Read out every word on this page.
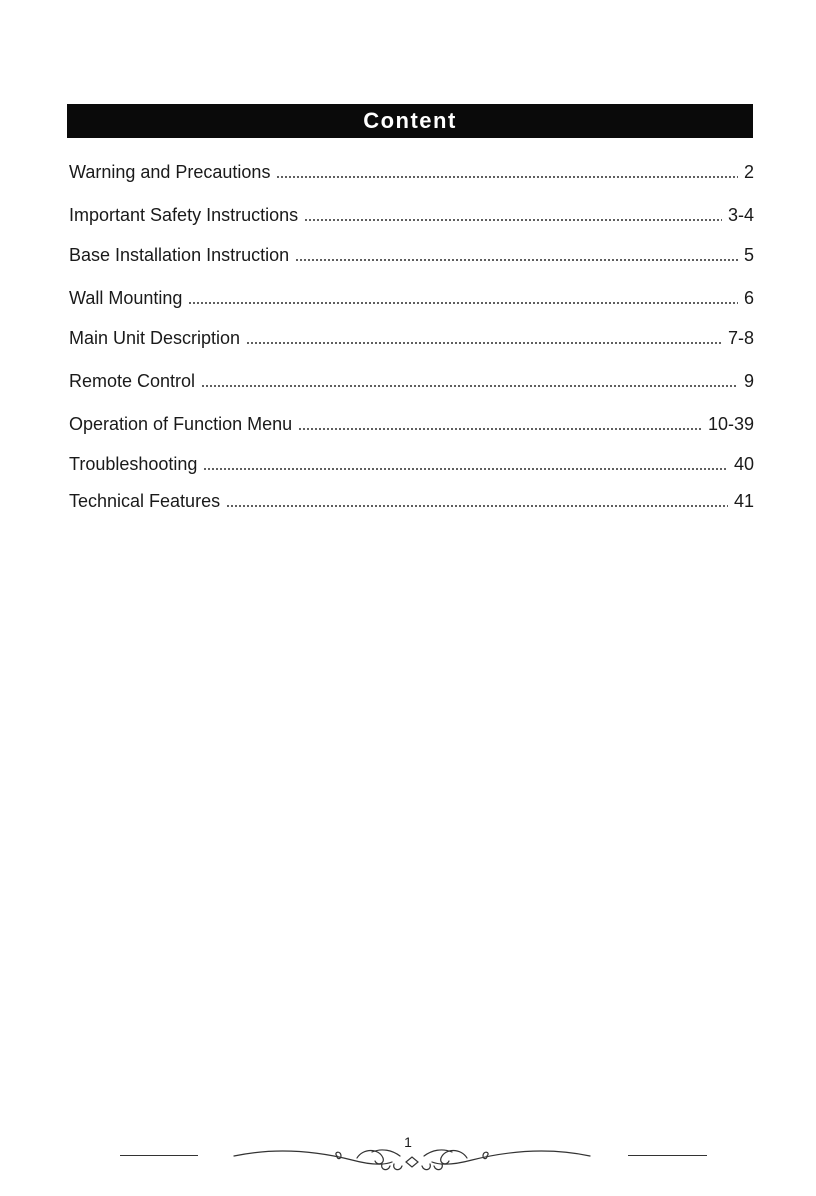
Content
Warning and Precautions	2
Important Safety Instructions	3-4
Base Installation Instruction	5
Wall Mounting	6
Main Unit Description	7-8
Remote Control	9
Operation of Function Menu	10-39
Troubleshooting	40
Technical Features	41
1
